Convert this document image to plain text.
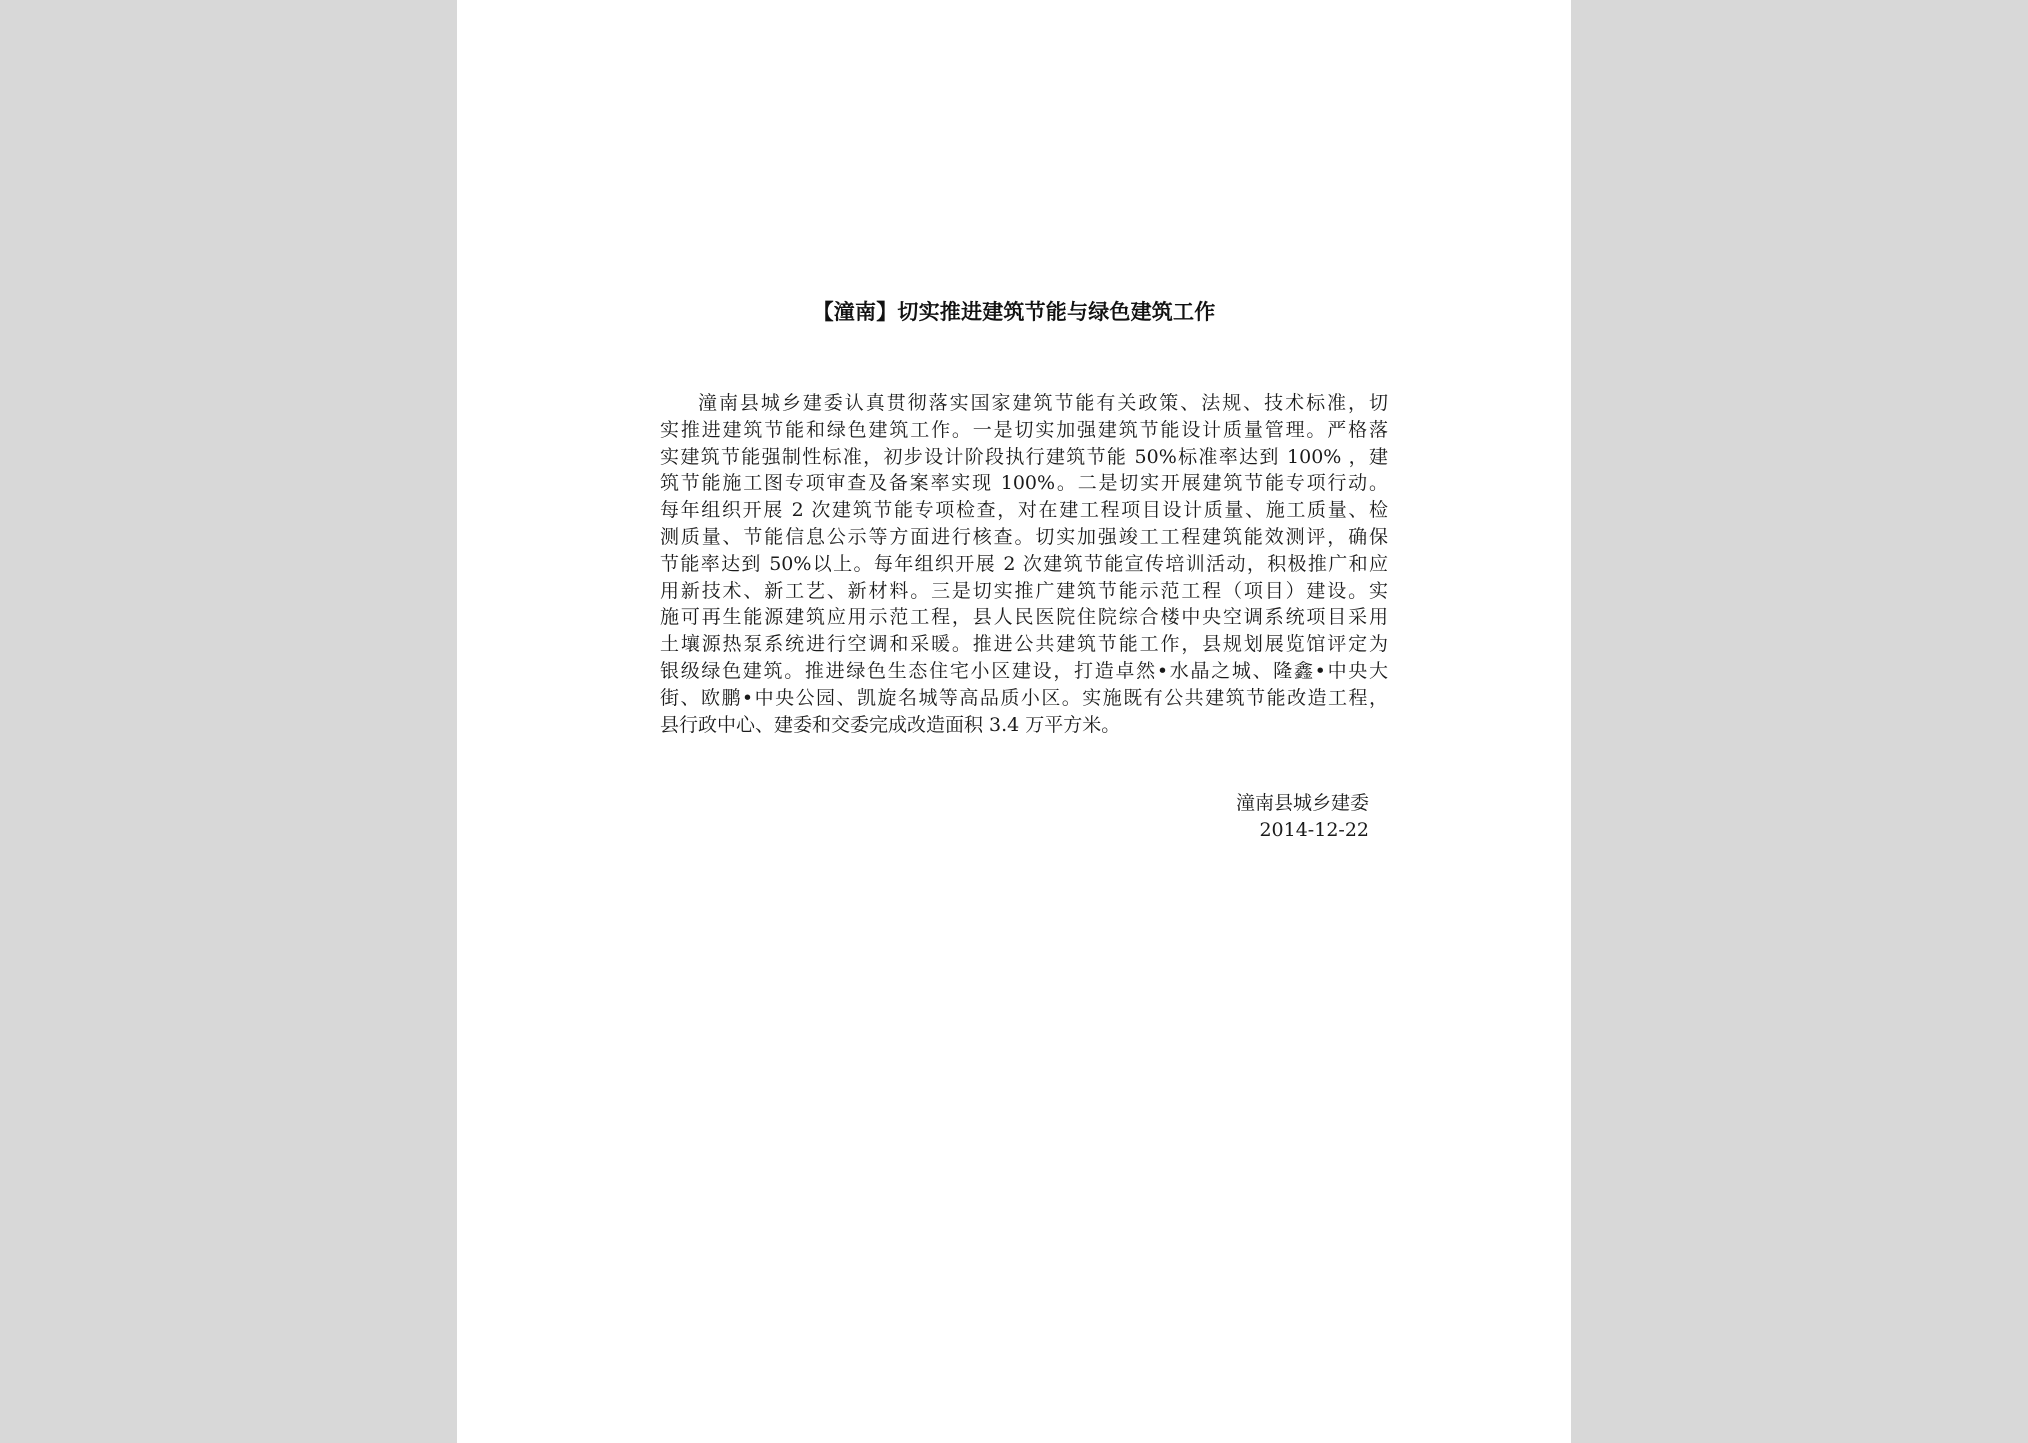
【潼南】切实推进建筑节能与绿色建筑工作
潼南县城乡建委认真贯彻落实国家建筑节能有关政策、法规、技术标准，切
实推进建筑节能和绿色建筑工作。一是切实加强建筑节能设计质量管理。严格落
实建筑节能强制性标准，初步设计阶段执行建筑节能 50%标准率达到 100% ，建
筑节能施工图专项审查及备案率实现 100%。二是切实开展建筑节能专项行动。
每年组织开展 2 次建筑节能专项检查，对在建工程项目设计质量、施工质量、检
测质量、节能信息公示等方面进行核查。切实加强竣工工程建筑能效测评，确保
节能率达到 50%以上。每年组织开展 2 次建筑节能宣传培训活动，积极推广和应
用新技术、新工艺、新材料。三是切实推广建筑节能示范工程（项目）建设。实
施可再生能源建筑应用示范工程，县人民医院住院综合楼中央空调系统项目采用
土壤源热泵系统进行空调和采暖。推进公共建筑节能工作，县规划展览馆评定为
银级绿色建筑。推进绿色生态住宅小区建设，打造卓然•水晶之城、隆鑫•中央大
街、欧鹏•中央公园、凯旋名城等高品质小区。实施既有公共建筑节能改造工程，
县行政中心、建委和交委完成改造面积 3.4 万平方米。
潼南县城乡建委
2014-12-22
